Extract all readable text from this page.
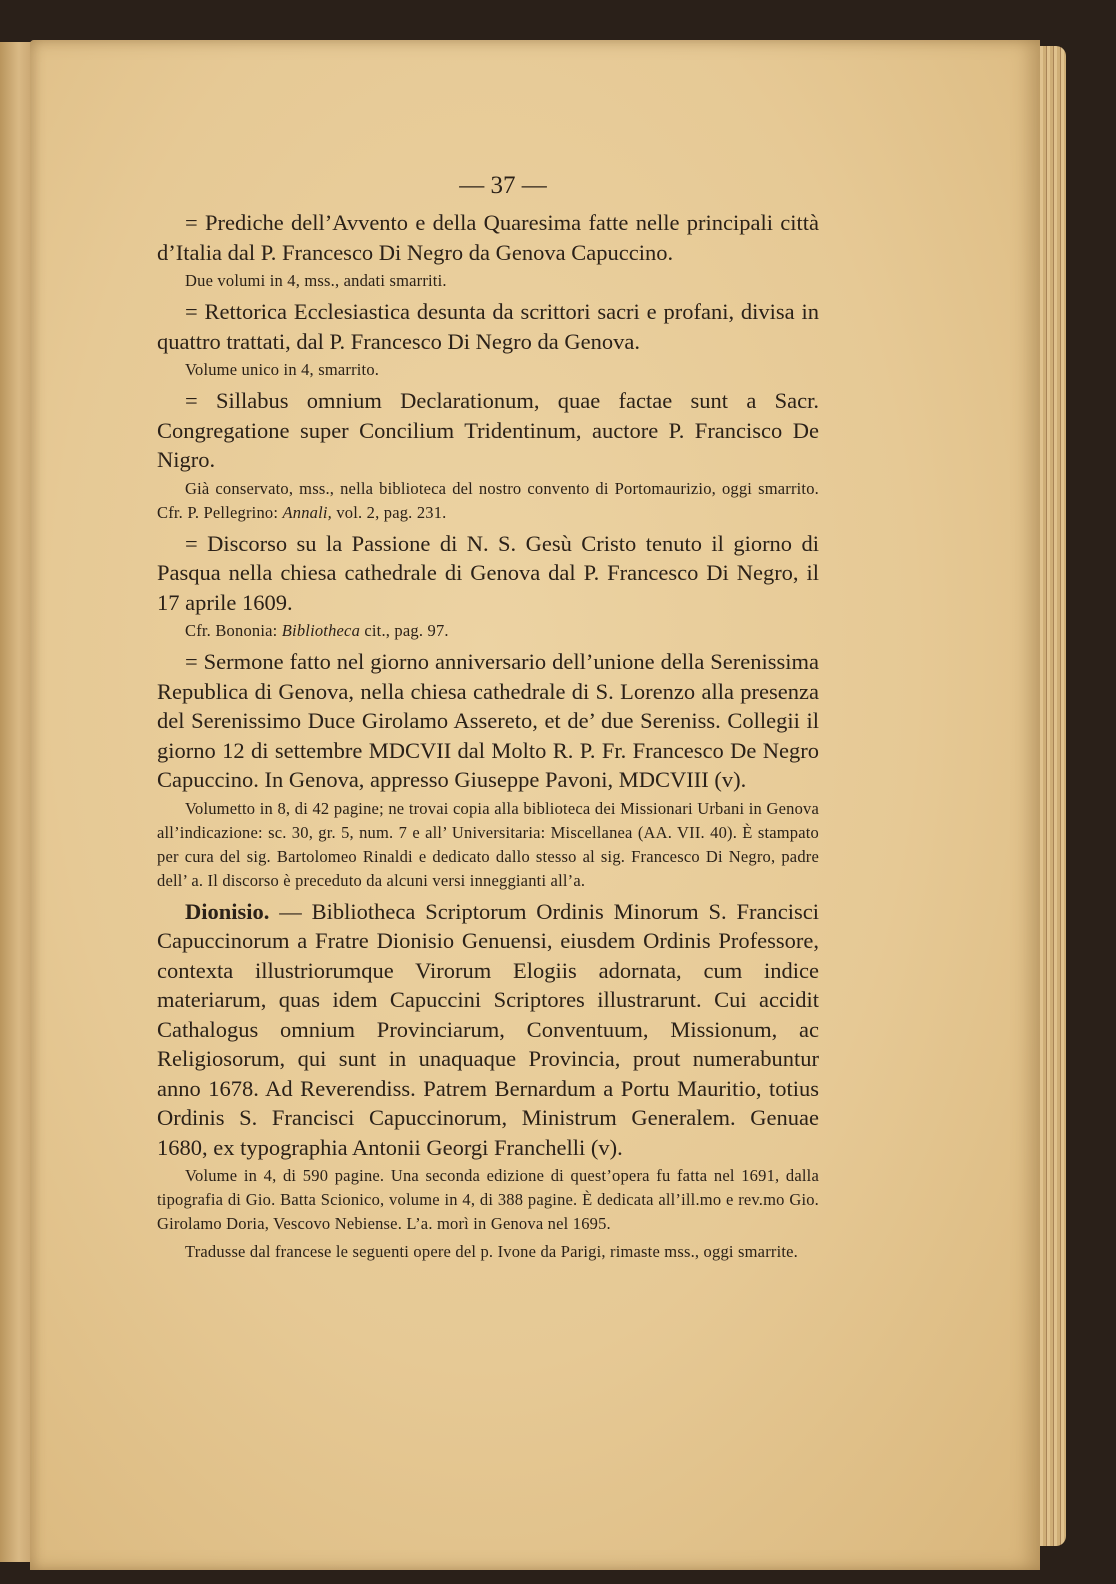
— 37 —

= Prediche dell’Avvento e della Quaresima fatte nelle principali città d’Italia dal P. Francesco Di Negro da Genova Capuccino.

Due volumi in 4, mss., andati smarriti.

= Rettorica Ecclesiastica desunta da scrittori sacri e profani, divisa in quattro trattati, dal P. Francesco Di Negro da Genova.

Volume unico in 4, smarrito.

= Sillabus omnium Declarationum, quae factae sunt a Sacr. Congregatione super Concilium Tridentinum, auctore P. Francisco De Nigro.

Già conservato, mss., nella biblioteca del nostro convento di Portomaurizio, oggi smarrito. Cfr. P. Pellegrino: Annali, vol. 2, pag. 231.

= Discorso su la Passione di N. S. Gesù Cristo tenuto il giorno di Pasqua nella chiesa cathedrale di Genova dal P. Francesco Di Negro, il 17 aprile 1609.

Cfr. Bononia: Bibliotheca cit., pag. 97.

= Sermone fatto nel giorno anniversario dell’unione della Serenissima Republica di Genova, nella chiesa cathedrale di S. Lorenzo alla presenza del Serenissimo Duce Girolamo Assereto, et de’ due Sereniss. Collegii il giorno 12 di settembre MDCVII dal Molto R. P. Fr. Francesco De Negro Capuccino. In Genova, appresso Giuseppe Pavoni, MDCVIII (v).

Volumetto in 8, di 42 pagine; ne trovai copia alla biblioteca dei Missionari Urbani in Genova all’indicazione: sc. 30, gr. 5, num. 7 e all’ Universitaria: Miscellanea (AA. VII. 40). È stampato per cura del sig. Bartolomeo Rinaldi e dedicato dallo stesso al sig. Francesco Di Negro, padre dell’ a. Il discorso è preceduto da alcuni versi inneggianti all’a.

Dionisio. — Bibliotheca Scriptorum Ordinis Minorum S. Francisci Capuccinorum a Fratre Dionisio Genuensi, eiusdem Ordinis Professore, contexta illustriorumque Virorum Elogiis adornata, cum indice materiarum, quas idem Capuccini Scriptores illustrarunt. Cui accidit Cathalogus omnium Provinciarum, Conventuum, Missionum, ac Religiosorum, qui sunt in unaquaque Provincia, prout numerabuntur anno 1678. Ad Reverendiss. Patrem Bernardum a Portu Mauritio, totius Ordinis S. Francisci Capuccinorum, Ministrum Generalem. Genuae 1680, ex typographia Antonii Georgi Franchelli (v).

Volume in 4, di 590 pagine. Una seconda edizione di quest’opera fu fatta nel 1691, dalla tipografia di Gio. Batta Scionico, volume in 4, di 388 pagine. È dedicata all’ill.mo e rev.mo Gio. Girolamo Doria, Vescovo Nebiense. L’a. morì in Genova nel 1695.

Tradusse dal francese le seguenti opere del p. Ivone da Parigi, rimaste mss., oggi smarrite.
